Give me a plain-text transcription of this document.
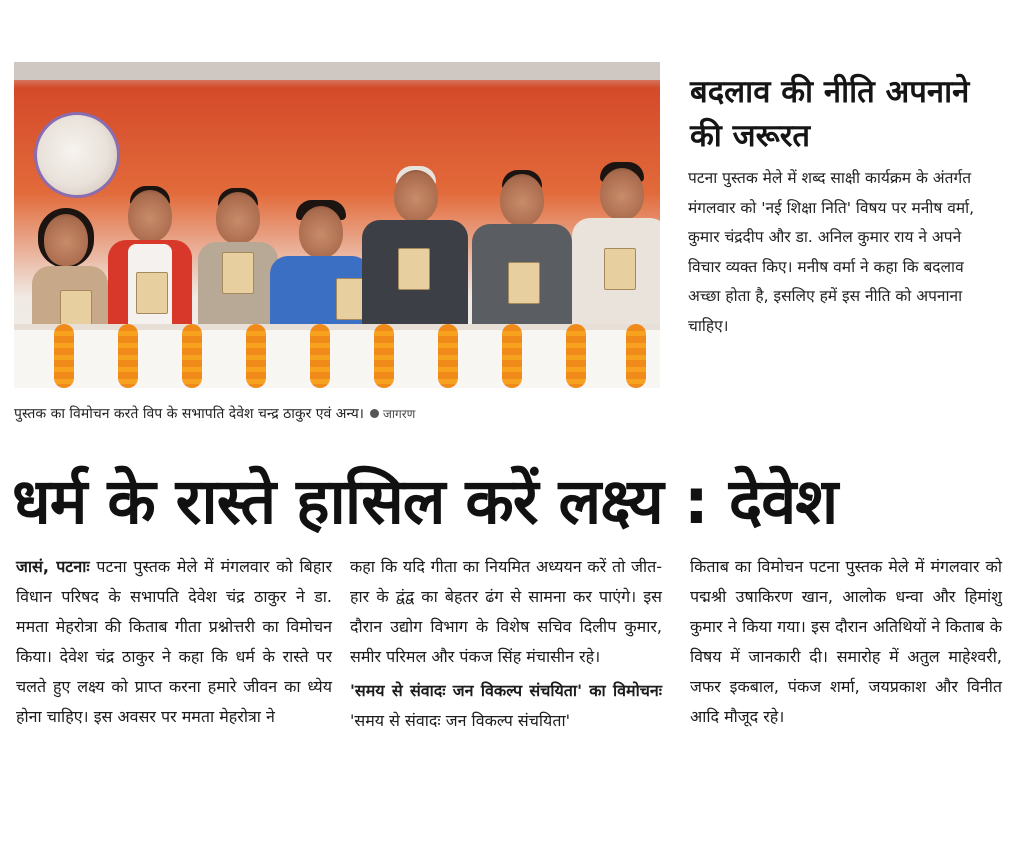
पुस्तक का विमोचन करते विप के सभापति देवेश चन्द्र ठाकुर एवं अन्य। जागरण
बदलाव की नीति अपनाने
की जरूरत
पटना पुस्तक मेले में शब्द साक्षी कार्यक्रम के अंतर्गत मंगलवार को 'नई शिक्षा निति' विषय पर मनीष वर्मा, कुमार चंद्रदीप और डा. अनिल कुमार राय ने अपने विचार व्यक्त किए। मनीष वर्मा ने कहा कि बदलाव अच्छा होता है, इसलिए हमें इस नीति को अपनाना चाहिए।
धर्म के रास्ते हासिल करें लक्ष्य : देवेश
जासं, पटनाः पटना पुस्तक मेले में मंगलवार को बिहार विधान परिषद के सभापति देवेश चंद्र ठाकुर ने डा. ममता मेहरोत्रा की किताब गीता प्रश्नोत्तरी का विमोचन किया। देवेश चंद्र ठाकुर ने कहा कि धर्म के रास्ते पर चलते हुए लक्ष्य को प्राप्त करना हमारे जीवन का ध्येय होना चाहिए। इस अवसर पर ममता मेहरोत्रा ने
कहा कि यदि गीता का नियमित अध्ययन करें तो जीत-हार के द्वंद्व का बेहतर ढंग से सामना कर पाएंगे। इस दौरान उद्योग विभाग के विशेष सचिव दिलीप कुमार, समीर परिमल और पंकज सिंह मंचासीन रहे।
'समय से संवादः जन विकल्प संचयिता' का विमोचनः 'समय से संवादः जन विकल्प संचयिता'
किताब का विमोचन पटना पुस्तक मेले में मंगलवार को पद्मश्री उषाकिरण खान, आलोक धन्वा और हिमांशु कुमार ने किया गया। इस दौरान अतिथियों ने किताब के विषय में जानकारी दी। समारोह में अतुल माहेश्वरी, जफर इकबाल, पंकज शर्मा, जयप्रकाश और विनीत आदि मौजूद रहे।
